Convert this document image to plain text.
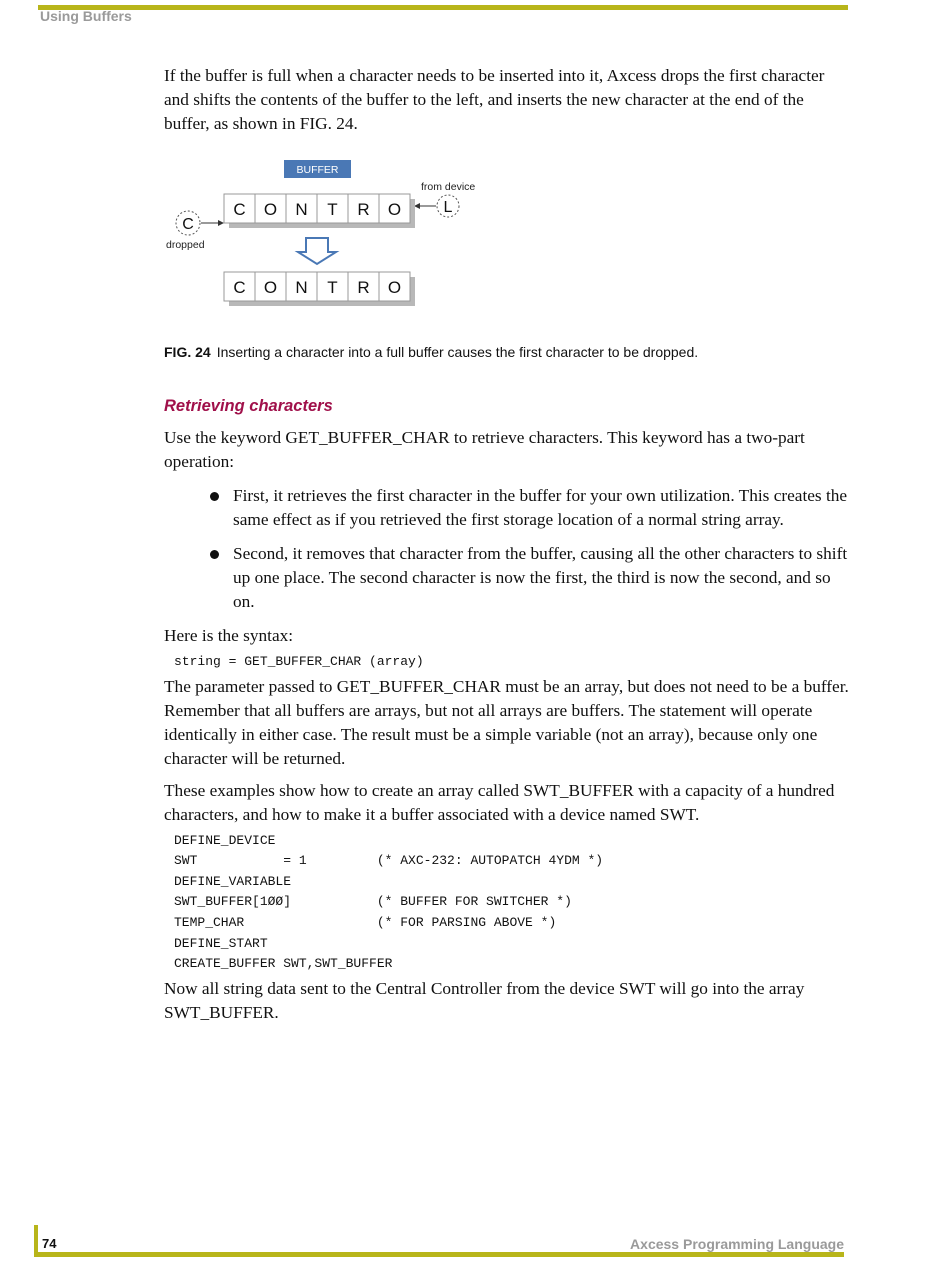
Using Buffers

If the buffer is full when a character needs to be inserted into it, Axcess drops the first character and shifts the contents of the buffer to the left, and inserts the new character at the end of the buffer, as shown in FIG. 24.

BUFFER
from device
L
C
dropped
C O N T R O
C O N T R O

FIG. 24 Inserting a character into a full buffer causes the first character to be dropped.

Retrieving characters

Use the keyword GET_BUFFER_CHAR to retrieve characters. This keyword has a two-part operation:

First, it retrieves the first character in the buffer for your own utilization. This creates the same effect as if you retrieved the first storage location of a normal string array.
Second, it removes that character from the buffer, causing all the other characters to shift up one place. The second character is now the first, the third is now the second, and so on.

Here is the syntax:

string = GET_BUFFER_CHAR (array)

The parameter passed to GET_BUFFER_CHAR must be an array, but does not need to be a buffer. Remember that all buffers are arrays, but not all arrays are buffers. The statement will operate identically in either case. The result must be a simple variable (not an array), because only one character will be returned.

These examples show how to create an array called SWT_BUFFER with a capacity of a hundred characters, and how to make it a buffer associated with a device named SWT.

DEFINE_DEVICE
SWT           = 1         (* AXC-232: AUTOPATCH 4YDM *)
DEFINE_VARIABLE
SWT_BUFFER[1ØØ]           (* BUFFER FOR SWITCHER *)
TEMP_CHAR                 (* FOR PARSING ABOVE *)
DEFINE_START
CREATE_BUFFER SWT,SWT_BUFFER

Now all string data sent to the Central Controller from the device SWT will go into the array SWT_BUFFER.

74	Axcess Programming Language
